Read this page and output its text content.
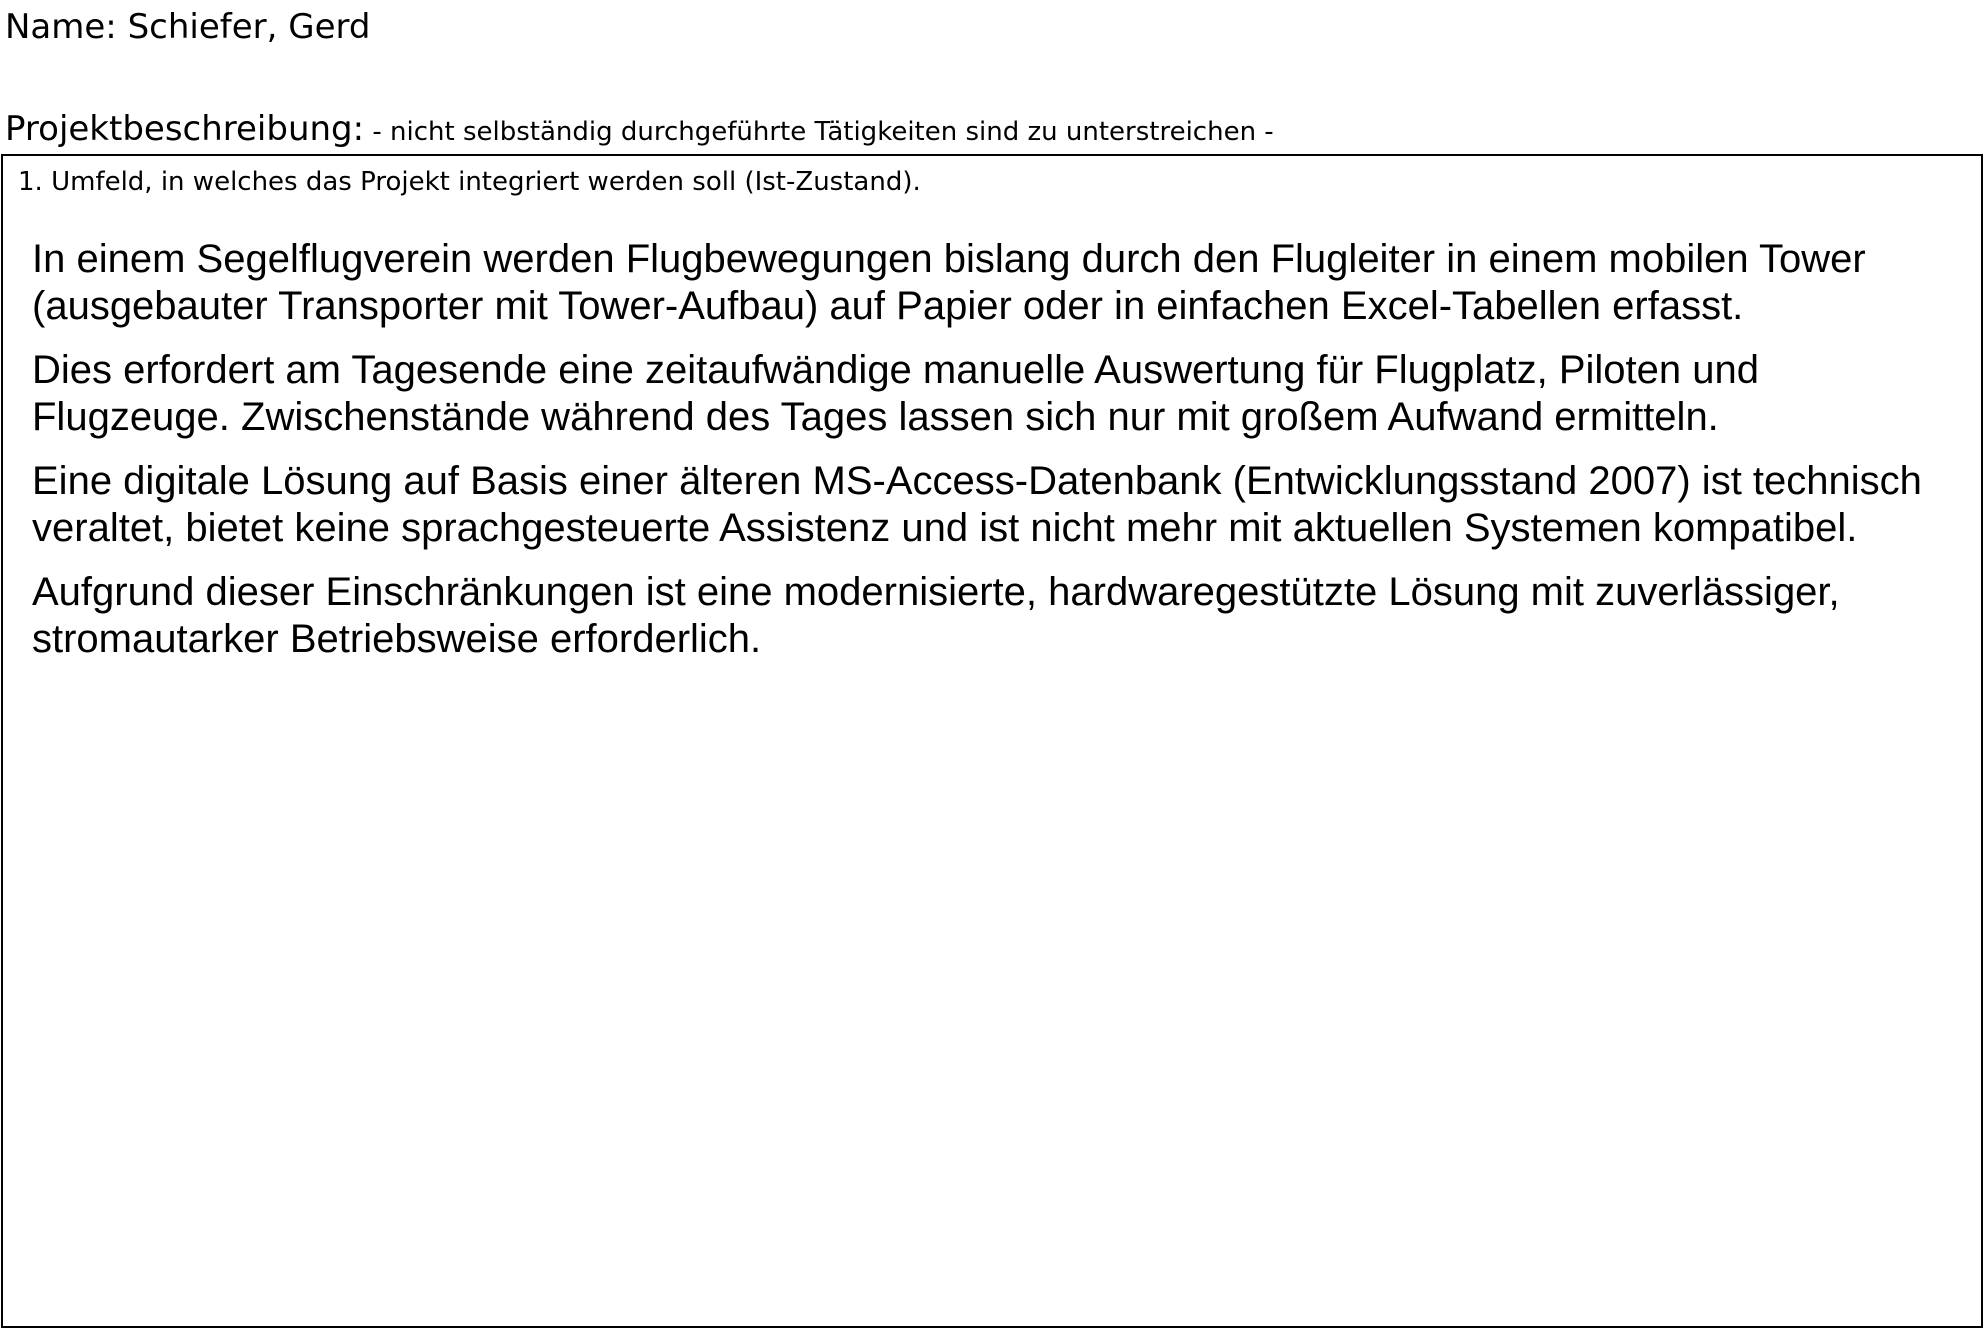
Name: Schiefer, Gerd
Projektbeschreibung: - nicht selbständig durchgeführte Tätigkeiten sind zu unterstreichen -
1. Umfeld, in welches das Projekt integriert werden soll (Ist-Zustand).

In einem Segelflugverein werden Flugbewegungen bislang durch den Flugleiter in einem mobilen Tower (ausgebauter Transporter mit Tower-Aufbau) auf Papier oder in einfachen Excel-Tabellen erfasst.

Dies erfordert am Tagesende eine zeitaufwändige manuelle Auswertung für Flugplatz, Piloten und Flugzeuge. Zwischenstände während des Tages lassen sich nur mit großem Aufwand ermitteln.

Eine digitale Lösung auf Basis einer älteren MS-Access-Datenbank (Entwicklungsstand 2007) ist technisch veraltet, bietet keine sprachgesteuerte Assistenz und ist nicht mehr mit aktuellen Systemen kompatibel.

Aufgrund dieser Einschränkungen ist eine modernisierte, hardwaregestützte Lösung mit zuverlässiger, stromautarker Betriebsweise erforderlich.
